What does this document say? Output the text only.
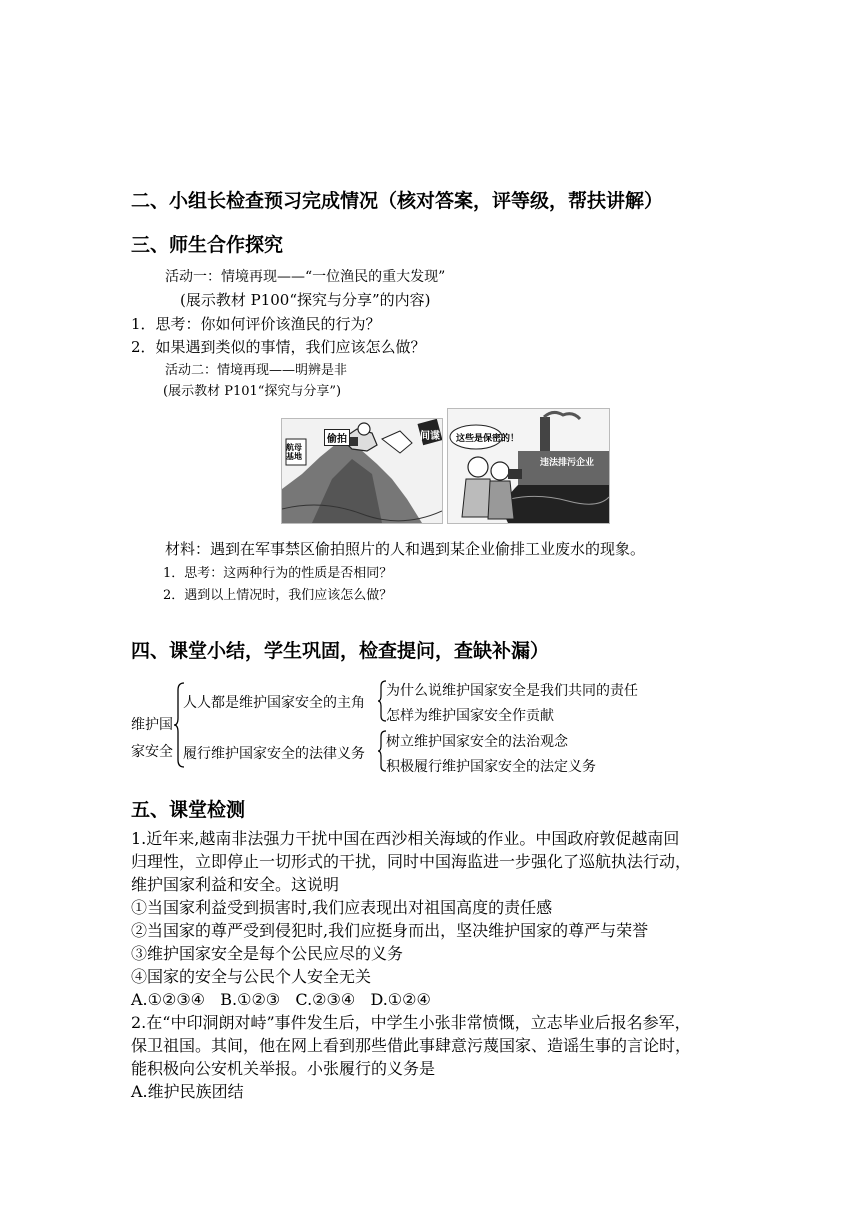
二、小组长检查预习完成情况（核对答案，评等级，帮扶讲解）
三、师生合作探究
活动一：情境再现——“一位渔民的重大发现”
(展示教材 P100“探究与分享”的内容)
1．思考：你如何评价该渔民的行为？
2．如果遇到类似的事情，我们应该怎么做？
活动二：情境再现——明辨是非
(展示教材 P101“探究与分享”)
偷拍	间谍
航母基地
这些是保密的！
违法排污企业
材料：遇到在军事禁区偷拍照片的人和遇到某企业偷排工业废水的现象。
1．思考：这两种行为的性质是否相同？
2．遇到以上情况时，我们应该怎么做？
四、课堂小结，学生巩固，检查提问，查缺补漏）
维护国
家安全
人人都是维护国家安全的主角
履行维护国家安全的法律义务
为什么说维护国家安全是我们共同的责任
怎样为维护国家安全作贡献
树立维护国家安全的法治观念
积极履行维护国家安全的法定义务
五、课堂检测
1.近年来,越南非法强力干扰中国在西沙相关海域的作业。中国政府敦促越南回
归理性，立即停止一切形式的干扰，同时中国海监进一步强化了巡航执法行动，
维护国家利益和安全。这说明
①当国家利益受到损害时,我们应表现出对祖国高度的责任感
②当国家的尊严受到侵犯时,我们应挺身而出，坚决维护国家的尊严与荣誉
③维护国家安全是每个公民应尽的义务
④国家的安全与公民个人安全无关
A.①②③④   B.①②③   C.②③④   D.①②④
2.在“中印洞朗对峙”事件发生后，中学生小张非常愤慨，立志毕业后报名参军，
保卫祖国。其间，他在网上看到那些借此事肆意污蔑国家、造谣生事的言论时，
能积极向公安机关举报。小张履行的义务是
A.维护民族团结
